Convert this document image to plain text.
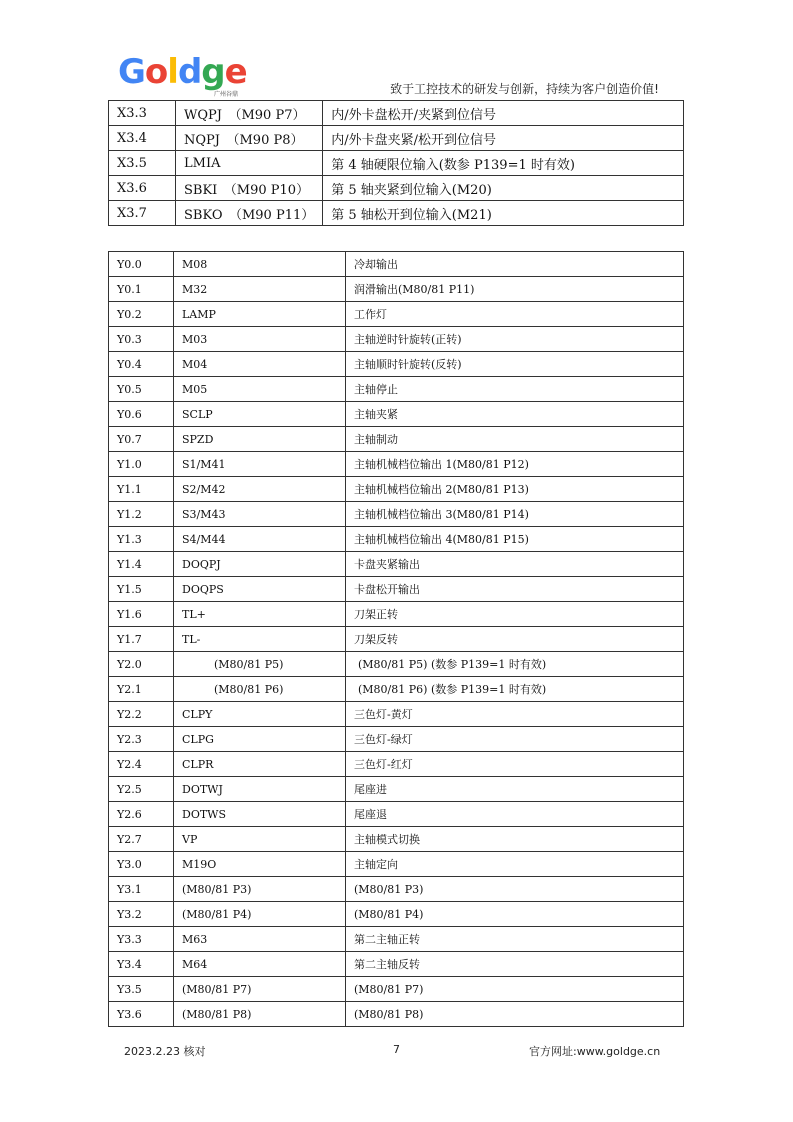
Goldge
广州谷鼎	致于工控技术的研发与创新，持续为客户创造价值!
X3.3	WQPJ　（M90 P7）	内/外卡盘松开/夹紧到位信号
X3.4	NQPJ　（M90 P8）	内/外卡盘夹紧/松开到位信号
X3.5	LMIA	第 4 轴硬限位输入(数参 P139=1 时有效)
X3.6	SBKI　（M90 P10）	第 5 轴夹紧到位输入(M20)
X3.7	SBKO　（M90 P11）	第 5 轴松开到位输入(M21)
Y0.0	M08	冷却输出
Y0.1	M32	润滑输出(M80/81 P11)
Y0.2	LAMP	工作灯
Y0.3	M03	主轴逆时针旋转(正转)
Y0.4	M04	主轴顺时针旋转(反转)
Y0.5	M05	主轴停止
Y0.6	SCLP	主轴夹紧
Y0.7	SPZD	主轴制动
Y1.0	S1/M41	主轴机械档位输出 1(M80/81 P12)
Y1.1	S2/M42	主轴机械档位输出 2(M80/81 P13)
Y1.2	S3/M43	主轴机械档位输出 3(M80/81 P14)
Y1.3	S4/M44	主轴机械档位输出 4(M80/81 P15)
Y1.4	DOQPJ	卡盘夹紧输出
Y1.5	DOQPS	卡盘松开输出
Y1.6	TL+	刀架正转
Y1.7	TL-	刀架反转
Y2.0	(M80/81 P5)	(M80/81 P5) (数参 P139=1 时有效)
Y2.1	(M80/81 P6)	(M80/81 P6) (数参 P139=1 时有效)
Y2.2	CLPY	三色灯-黄灯
Y2.3	CLPG	三色灯-绿灯
Y2.4	CLPR	三色灯-红灯
Y2.5	DOTWJ	尾座进
Y2.6	DOTWS	尾座退
Y2.7	VP	主轴模式切换
Y3.0	M19O	主轴定向
Y3.1	(M80/81 P3)	(M80/81 P3)
Y3.2	(M80/81 P4)	(M80/81 P4)
Y3.3	M63	第二主轴正转
Y3.4	M64	第二主轴反转
Y3.5	(M80/81 P7)	(M80/81 P7)
Y3.6	(M80/81 P8)	(M80/81 P8)
2023.2.23 核对	7	官方网址:www.goldge.cn
